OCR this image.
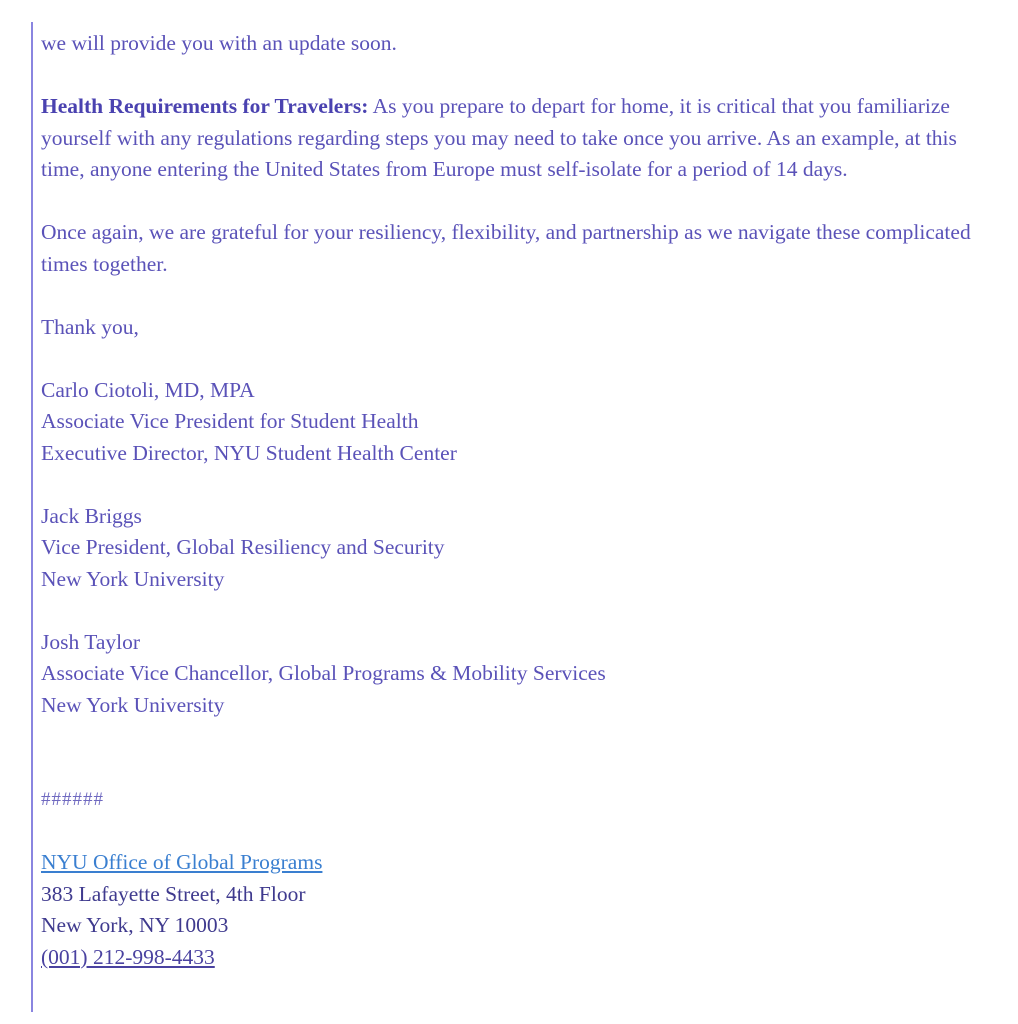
we will provide you with an update soon.

Health Requirements for Travelers: As you prepare to depart for home, it is critical that you familiarize yourself with any regulations regarding steps you may need to take once you arrive. As an example, at this time, anyone entering the United States from Europe must self-isolate for a period of 14 days.

Once again, we are grateful for your resiliency, flexibility, and partnership as we navigate these complicated times together.

Thank you,

Carlo Ciotoli, MD, MPA

Associate Vice President for Student Health

Executive Director, NYU Student Health Center

Jack Briggs

Vice President, Global Resiliency and Security

New York University

Josh Taylor

Associate Vice Chancellor, Global Programs & Mobility Services

New York University

######

NYU Office of Global Programs

383 Lafayette Street, 4th Floor

New York, NY 10003

(001) 212-998-4433
